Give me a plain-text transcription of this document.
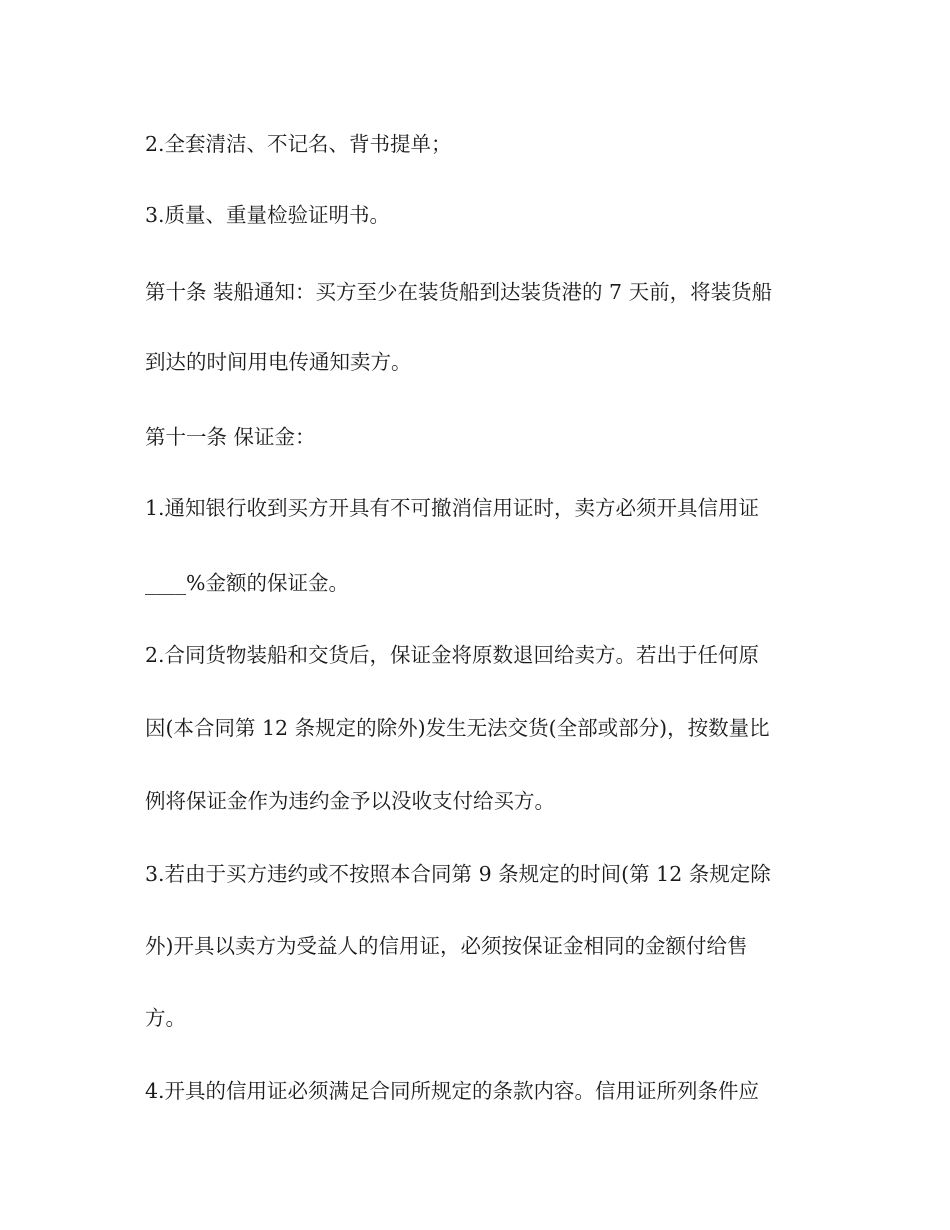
2.全套清洁、不记名、背书提单；
3.质量、重量检验证明书。
第十条 装船通知：买方至少在装货船到达装货港的 7 天前，将装货船
到达的时间用电传通知卖方。
第十一条 保证金：
1.通知银行收到买方开具有不可撤消信用证时，卖方必须开具信用证
____%金额的保证金。
2.合同货物装船和交货后，保证金将原数退回给卖方。若出于任何原
因(本合同第 12 条规定的除外)发生无法交货(全部或部分)，按数量比
例将保证金作为违约金予以没收支付给买方。
3.若由于买方违约或不按照本合同第 9 条规定的时间(第 12 条规定除
外)开具以卖方为受益人的信用证，必须按保证金相同的金额付给售
方。
4.开具的信用证必须满足合同所规定的条款内容。信用证所列条件应
